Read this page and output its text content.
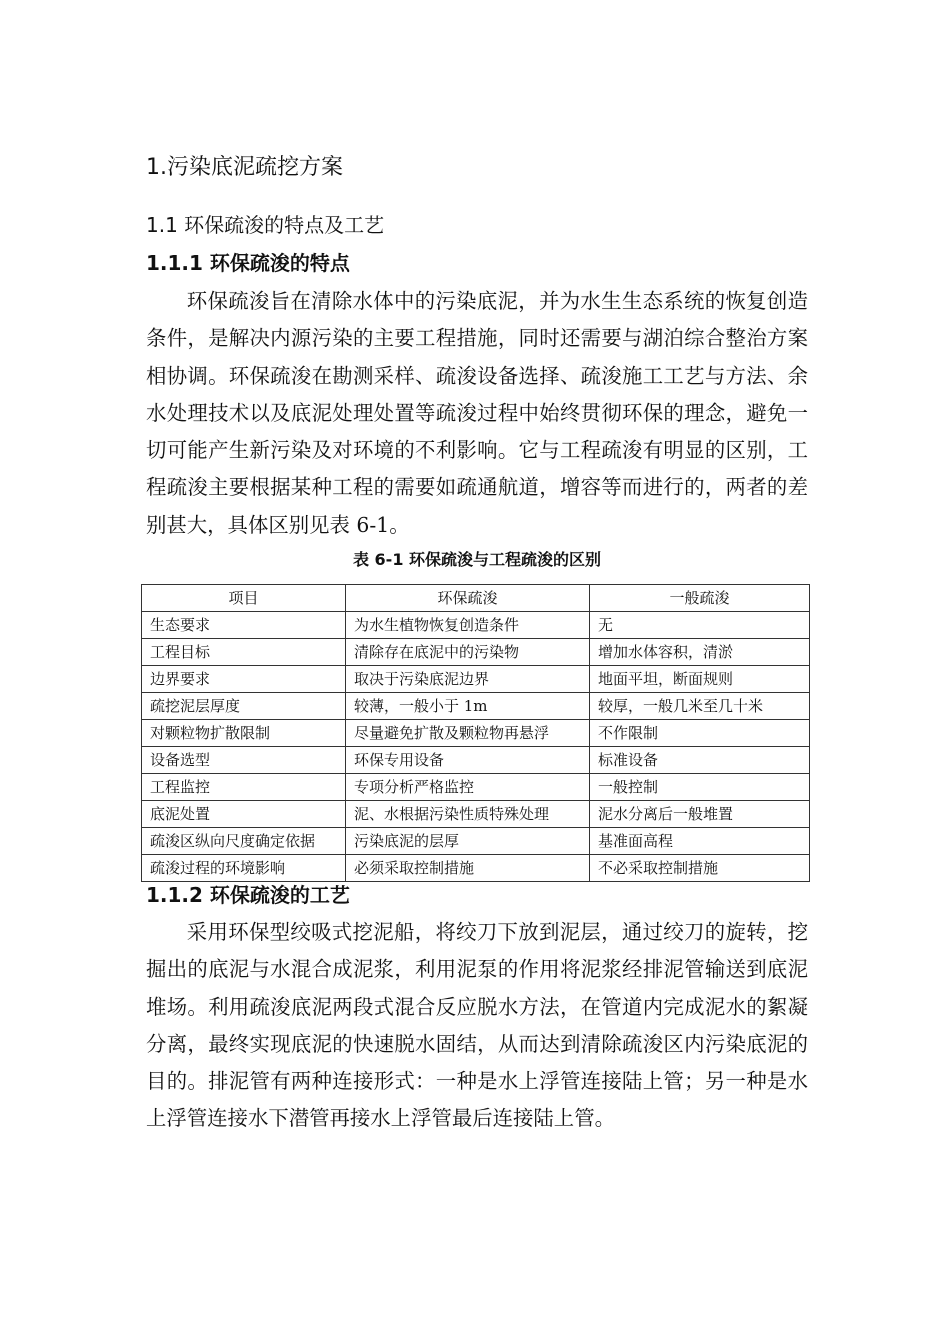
1.污染底泥疏挖方案
1.1 环保疏浚的特点及工艺
1.1.1 环保疏浚的特点

环保疏浚旨在清除水体中的污染底泥，并为水生生态系统的恢复创造条件，是解决内源污染的主要工程措施，同时还需要与湖泊综合整治方案相协调。环保疏浚在勘测采样、疏浚设备选择、疏浚施工工艺与方法、余水处理技术以及底泥处理处置等疏浚过程中始终贯彻环保的理念，避免一切可能产生新污染及对环境的不利影响。它与工程疏浚有明显的区别，工程疏浚主要根据某种工程的需要如疏通航道，增容等而进行的，两者的差别甚大，具体区别见表 6-1。

表 6-1 环保疏浚与工程疏浚的区别
项目	环保疏浚	一般疏浚
生态要求	为水生植物恢复创造条件	无
工程目标	清除存在底泥中的污染物	增加水体容积，清淤
边界要求	取决于污染底泥边界	地面平坦，断面规则
疏挖泥层厚度	较薄，一般小于 1m	较厚，一般几米至几十米
对颗粒物扩散限制	尽量避免扩散及颗粒物再悬浮	不作限制
设备选型	环保专用设备	标准设备
工程监控	专项分析严格监控	一般控制
底泥处置	泥、水根据污染性质特殊处理	泥水分离后一般堆置
疏浚区纵向尺度确定依据	污染底泥的层厚	基准面高程
疏浚过程的环境影响	必须采取控制措施	不必采取控制措施
1.1.2 环保疏浚的工艺

采用环保型绞吸式挖泥船，将绞刀下放到泥层，通过绞刀的旋转，挖掘出的底泥与水混合成泥浆，利用泥泵的作用将泥浆经排泥管输送到底泥堆场。利用疏浚底泥两段式混合反应脱水方法，在管道内完成泥水的絮凝分离，最终实现底泥的快速脱水固结，从而达到清除疏浚区内污染底泥的目的。排泥管有两种连接形式：一种是水上浮管连接陆上管；另一种是水上浮管连接水下潜管再接水上浮管最后连接陆上管。
